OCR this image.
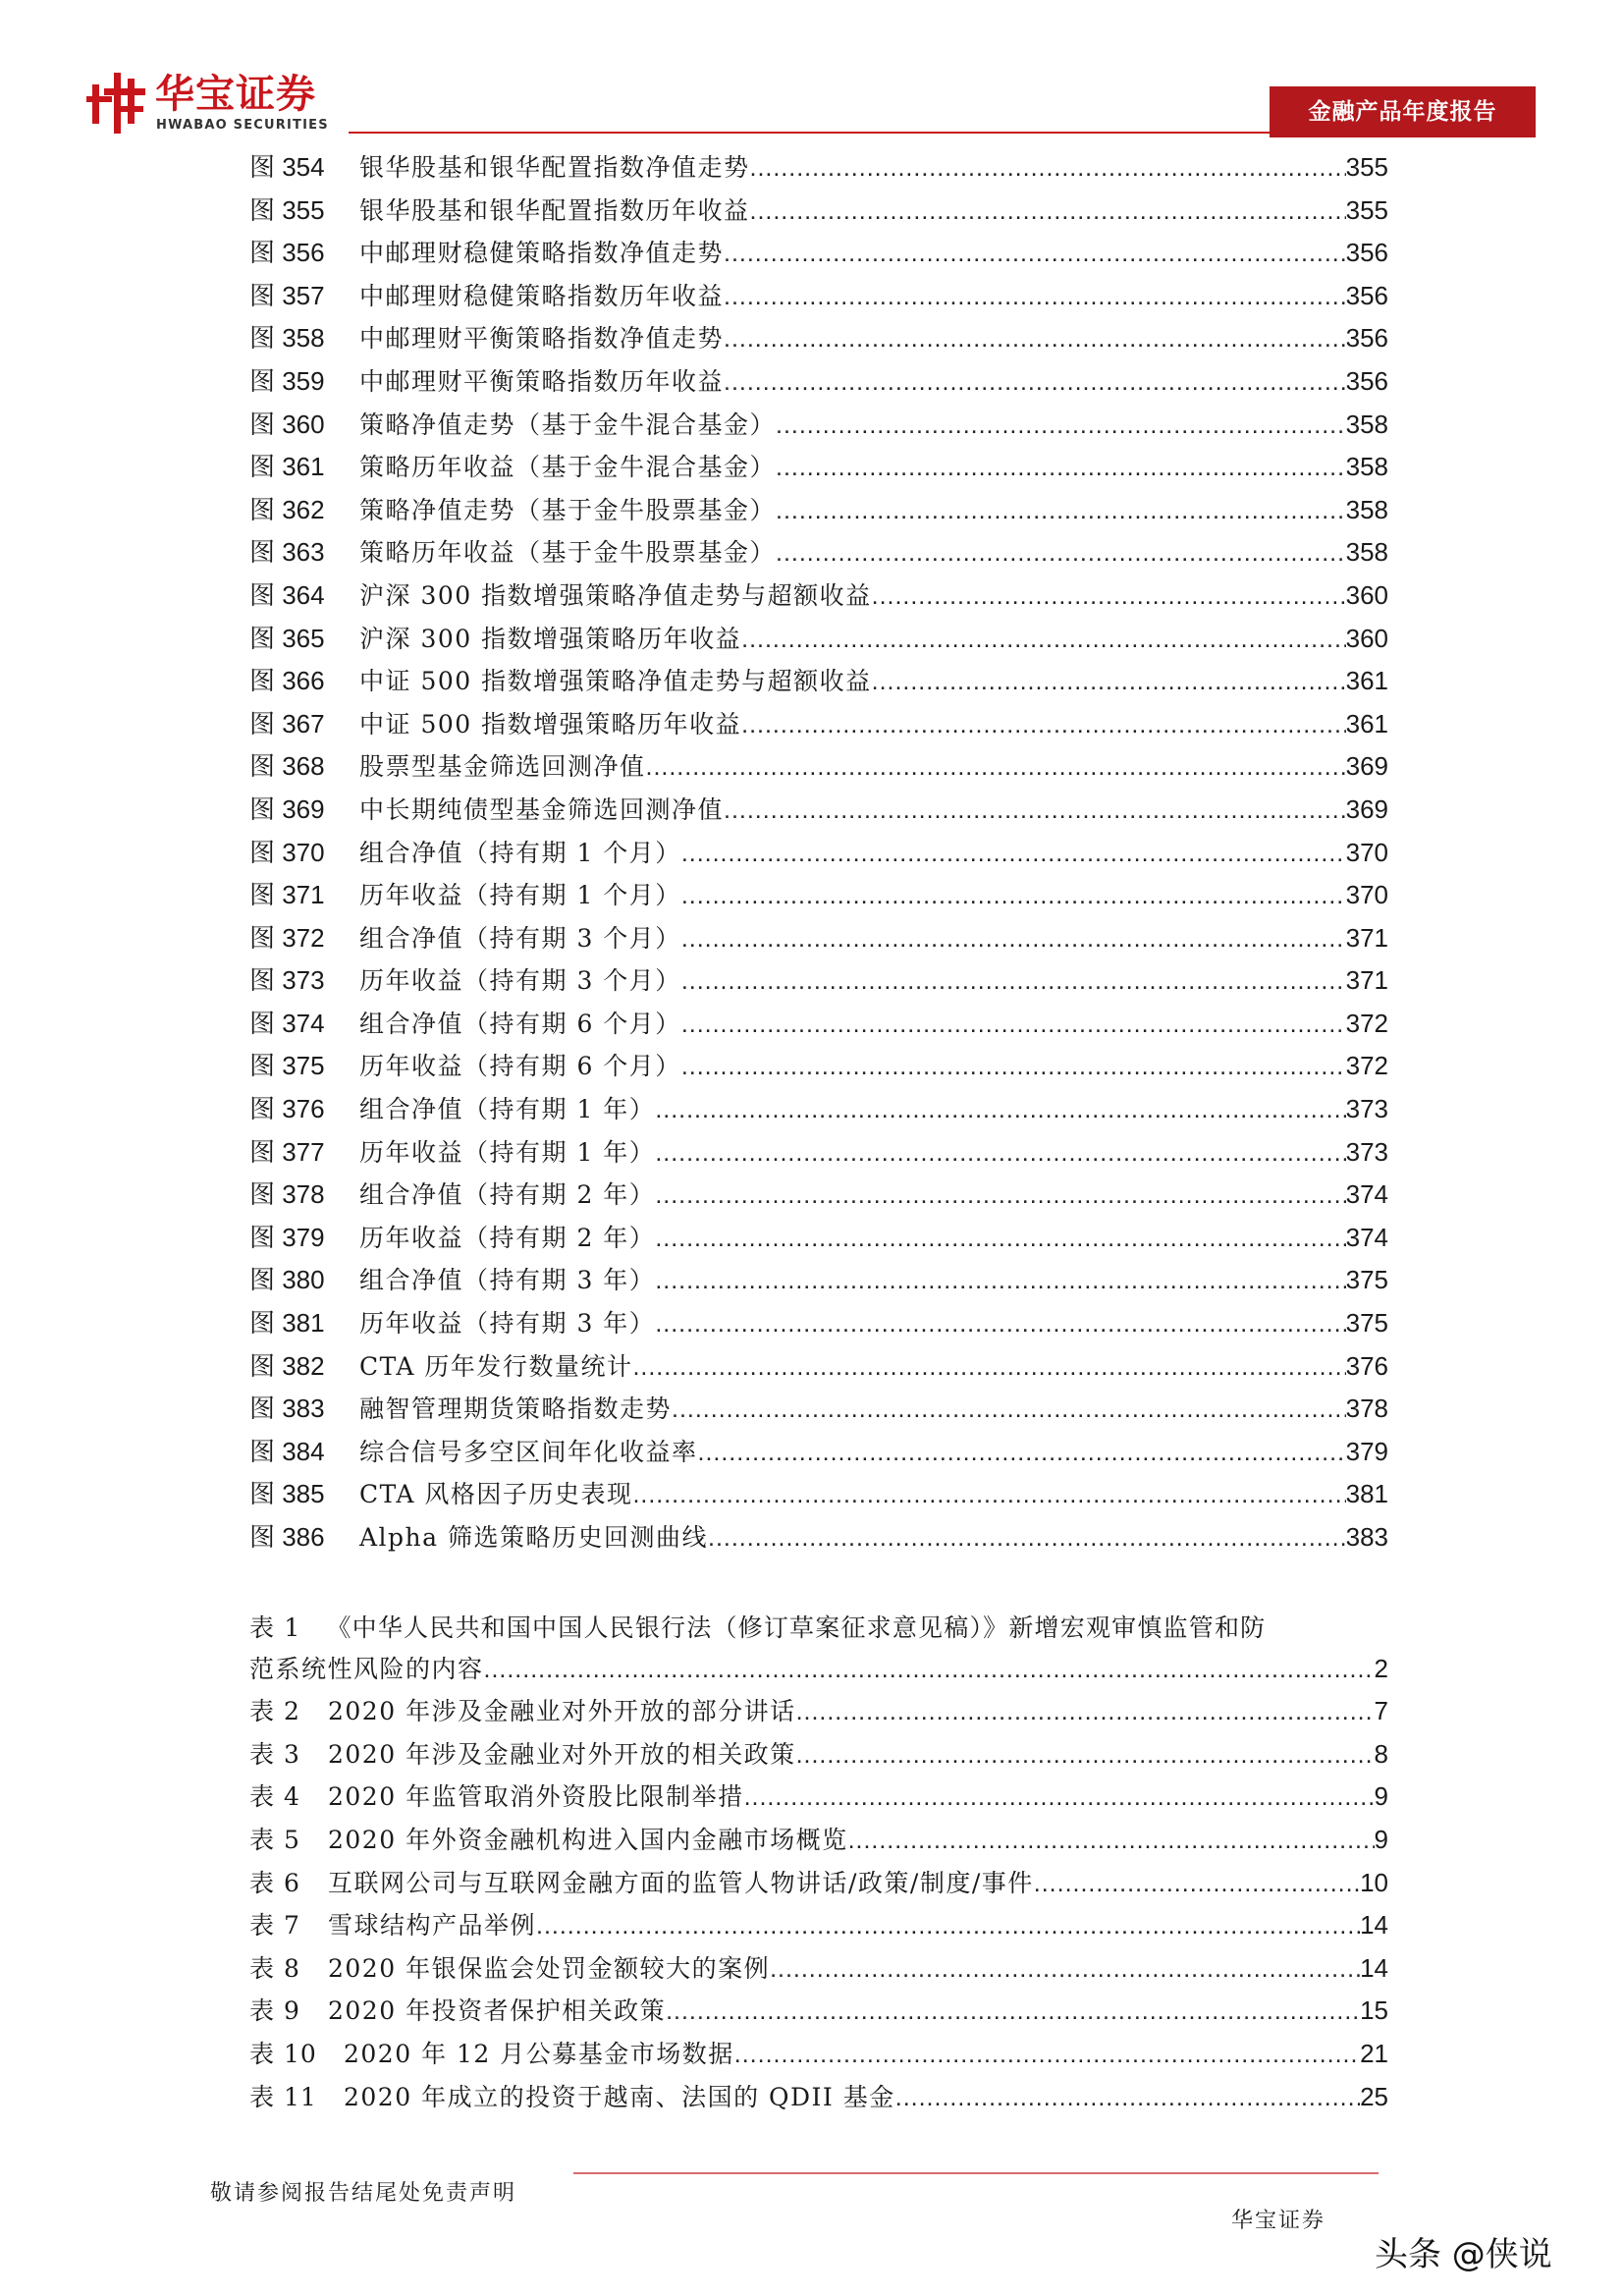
华宝证券
HWABAO SECURITIES
金融产品年度报告
图 354	银华股基和银华配置指数净值走势 .....	355
图 355	银华股基和银华配置指数历年收益 .....	355
图 356	中邮理财稳健策略指数净值走势 .....	356
图 357	中邮理财稳健策略指数历年收益 .....	356
图 358	中邮理财平衡策略指数净值走势 .....	356
图 359	中邮理财平衡策略指数历年收益 .....	356
图 360	策略净值走势（基于金牛混合基金） .....	358
图 361	策略历年收益（基于金牛混合基金） .....	358
图 362	策略净值走势（基于金牛股票基金） .....	358
图 363	策略历年收益（基于金牛股票基金） .....	358
图 364	沪深 300 指数增强策略净值走势与超额收益 .....	360
图 365	沪深 300 指数增强策略历年收益 .....	360
图 366	中证 500 指数增强策略净值走势与超额收益 .....	361
图 367	中证 500 指数增强策略历年收益 .....	361
图 368	股票型基金筛选回测净值 .....	369
图 369	中长期纯债型基金筛选回测净值 .....	369
图 370	组合净值（持有期 1 个月） .....	370
图 371	历年收益（持有期 1 个月） .....	370
图 372	组合净值（持有期 3 个月） .....	371
图 373	历年收益（持有期 3 个月） .....	371
图 374	组合净值（持有期 6 个月） .....	372
图 375	历年收益（持有期 6 个月） .....	372
图 376	组合净值（持有期 1 年） .....	373
图 377	历年收益（持有期 1 年） .....	373
图 378	组合净值（持有期 2 年） .....	374
图 379	历年收益（持有期 2 年） .....	374
图 380	组合净值（持有期 3 年） .....	375
图 381	历年收益（持有期 3 年） .....	375
图 382	CTA 历年发行数量统计 .....	376
图 383	融智管理期货策略指数走势 .....	378
图 384	综合信号多空区间年化收益率 .....	379
图 385	CTA 风格因子历史表现 .....	381
图 386	Alpha 筛选策略历史回测曲线 .....	383
表 1 《中华人民共和国中国人民银行法（修订草案征求意见稿）》新增宏观审慎监管和防
范系统性风险的内容 .....	2
表 2	2020 年涉及金融业对外开放的部分讲话 .....	7
表 3	2020 年涉及金融业对外开放的相关政策 .....	8
表 4	2020 年监管取消外资股比限制举措 .....	9
表 5	2020 年外资金融机构进入国内金融市场概览 .....	9
表 6	互联网公司与互联网金融方面的监管人物讲话/政策/制度/事件 .....	10
表 7	雪球结构产品举例 .....	14
表 8	2020 年银保监会处罚金额较大的案例 .....	14
表 9	2020 年投资者保护相关政策 .....	15
表 10	2020 年 12 月公募基金市场数据 .....	21
表 11	2020 年成立的投资于越南、法国的 QDII 基金 .....	25
敬请参阅报告结尾处免责声明
华宝证券
头条 @侠说
